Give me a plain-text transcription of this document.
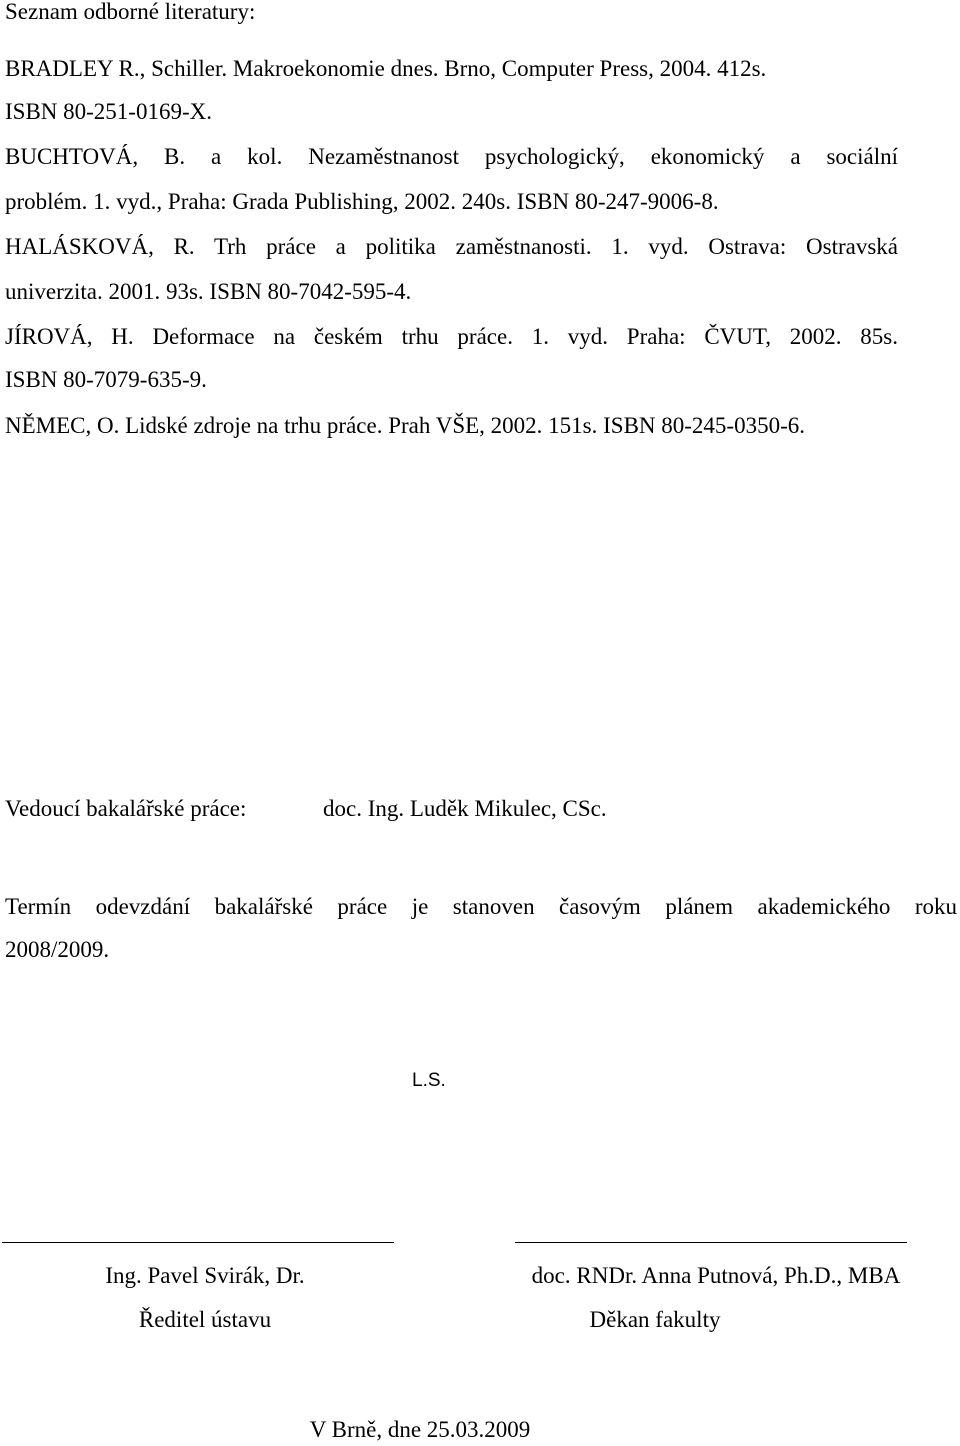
Seznam odborné literatury:
BRADLEY R., Schiller. Makroekonomie dnes. Brno, Computer Press, 2004. 412s.
ISBN 80-251-0169-X.
BUCHTOVÁ, B. a kol. Nezaměstnanost psychologický, ekonomický a sociální
problém. 1. vyd., Praha: Grada Publishing, 2002. 240s. ISBN 80-247-9006-8.
HALÁSKOVÁ, R. Trh práce a politika zaměstnanosti. 1. vyd. Ostrava: Ostravská
univerzita. 2001. 93s. ISBN 80-7042-595-4.
JÍROVÁ, H. Deformace na českém trhu práce. 1. vyd. Praha: ČVUT, 2002. 85s.
ISBN 80-7079-635-9.
NĚMEC, O. Lidské zdroje na trhu práce. Prah VŠE, 2002. 151s. ISBN 80-245-0350-6.
Vedoucí bakalářské práce:	doc. Ing. Luděk Mikulec, CSc.
Termín odevzdání bakalářské práce je stanoven časovým plánem akademického roku
2008/2009.
L.S.
Ing. Pavel Svirák, Dr.
Ředitel ústavu
doc. RNDr. Anna Putnová, Ph.D., MBA
Děkan fakulty
V Brně, dne 25.03.2009
